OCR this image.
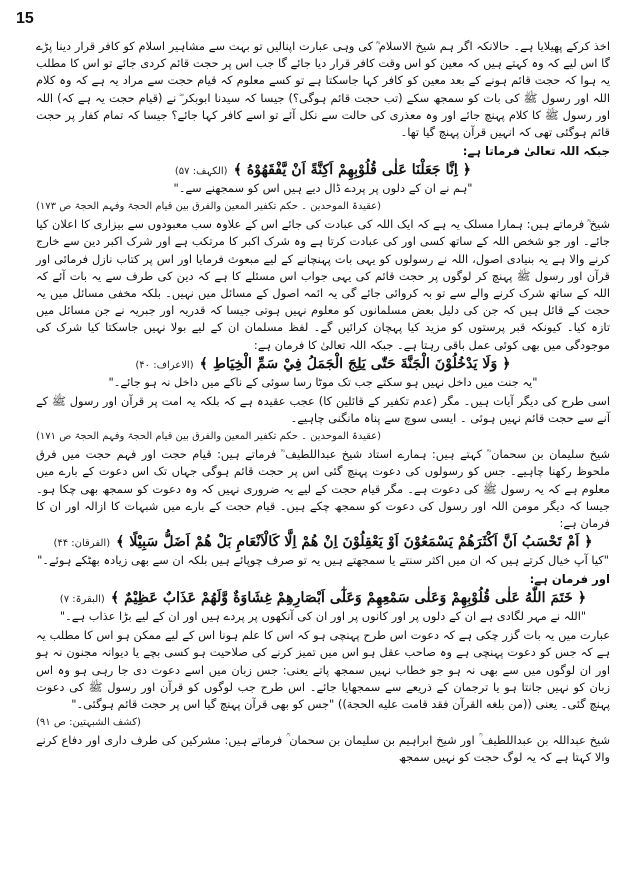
15
اخذ کرکے پھیلایا ہے۔ حالانکہ اگر ہم شیخ الاسلام ؒ کی وہی عبارت اپنالیں تو بہت سے مشاہیر اسلام کو کافر قرار دینا پڑے گا اس لیے کہ وہ کہتے ہیں کہ معین کو اس وقت کافر قرار دیا جائے گا جب اس پر حجت قائم کردی جائے تو اس کا مطلب یہ ہوا کہ حجت قائم ہونے کے بعد معین کو کافر کہا جاسکتا ہے تو کسے معلوم کہ قیام حجت سے مراد یہ ہے کہ وہ کلام اللہ اور رسول ﷺ کی بات کو سمجھ سکے (تب حجت قائم ہوگی؟) جیسا کہ سیدنا ابوبکر ؓ نے (قیام حجت یہ ہے کہ) اللہ اور رسول ﷺ کا کلام پہنچ جائے اور وہ معذری کی حالت سے نکل آئے تو اسے کافر کہا جائے؟ جیسا کہ تمام کفار پر حجت قائم ہوگئی تھی کہ انہیں قرآن پہنچ گیا تھا۔
جبکہ اللہ تعالیٰ فرماتا ہے:
﴿ اِنَّا جَعَلْنَا عَلٰى قُلُوْبِهِمْ اَكِنَّةً اَنْ يَّفْقَهُوْهُ ﴾
(الکہف: ۵۷)
"ہم نے ان کے دلوں پر پردے ڈال دیے ہیں اس کو سمجھنے سے۔"
(عقیدۃ الموحدین ۔ حکم تکفیر المعین والفرق بین قیام الحجۃ وفہم الحجۃ ص ۱۷۳)
شیخ ؒ فرماتے ہیں: ہمارا مسلک یہ ہے کہ ایک اللہ کی عبادت کی جائے اس کے علاوہ سب معبودوں سے بیزاری کا اعلان کیا جائے۔ اور جو شخص اللہ کے ساتھ کسی اور کی عبادت کرتا ہے وہ شرک اکبر کا مرتکب ہے اور شرک اکبر دین سے خارج کرنے والا ہے یہ بنیادی اصول، اللہ نے رسولوں کو یہی بات پہنچانے کے لیے مبعوث فرمایا اور اس پر کتاب نازل فرمائی اور قرآن اور رسول ﷺ پہنچ کر لوگوں پر حجت قائم کی یہی جواب اس مسئلے کا ہے کہ دین کی طرف سے یہ بات آئے کہ اللہ کے ساتھ شرک کرنے والے سے تو بہ کروائی جائے گی یہ ائمہ اصول کے مسائل میں نہیں۔ بلکہ مخفی مسائل میں یہ حجت کے قائل ہیں کہ جن کی دلیل بعض مسلمانوں کو معلوم نہیں ہوتی جیسا کہ قدریہ اور جبریہ نے جن مسائل میں تازہ کیا۔ کیونکہ قبر پرستوں کو مزید کیا پہچان کرائیں گے۔ لفظ مسلمان ان کے لیے بولا نہیں جاسکتا کیا شرک کی موجودگی میں بھی کوئی عمل باقی رہتا ہے۔ جبکہ اللہ تعالیٰ کا فرمان ہے:
﴿ وَلَا يَدْخُلُوْنَ الْجَنَّةَ حَتّٰى يَلِجَ الْجَمَلُ فِيْ سَمِّ الْخِيَاطِ ﴾
(الاعراف: ۴۰)
"یہ جنت میں داخل نہیں ہو سکتے جب تک موٹا رسا سوئی کے ناکے میں داخل نہ ہو جائے۔"
اسی طرح کی دیگر آیات ہیں۔ مگر (عدم تکفیر کے قائلین کا) عجب عقیدہ ہے کہ بلکہ یہ امت پر قرآن اور رسول ﷺ کے آنے سے حجت قائم نہیں ہوئی ۔ ایسی سوچ سے پناہ مانگنی چاہیے۔
(عقیدۃ الموحدین ۔ حکم تکفیر المعین والفرق بین قیام الحجۃ وفہم الحجۃ ص ۱۷۱)
شیخ سلیمان بن سحمان ؒ کہتے ہیں: ہمارے استاد شیخ عبداللطیف ؒ فرماتے ہیں: قیام حجت اور فہم حجت میں فرق ملحوظ رکھنا چاہیے۔ جس کو رسولوں کی دعوت پہنچ گئی اس پر حجت قائم ہوگی جہاں تک اس دعوت کے بارے میں معلوم ہے کہ یہ رسول ﷺ کی دعوت ہے۔ مگر قیام حجت کے لیے یہ ضروری نہیں کہ وہ دعوت کو سمجھ بھی چکا ہو۔ جیسا کہ دیگر مومن اللہ اور رسول کی دعوت کو سمجھ چکے ہیں۔ قیام حجت کے بارے میں شبہات کا ازالہ اور ان کا فرمان ہے:
﴿ اَمْ تَحْسَبُ اَنَّ اَكْثَرَهُمْ يَسْمَعُوْنَ اَوْ يَعْقِلُوْنَ اِنْ هُمْ اِلَّا كَالْاَنْعَامِ بَلْ هُمْ اَضَلُّ سَبِيْلًا ﴾
(الفرقان: ۴۴)
"کیا آپ خیال کرتے ہیں کہ ان میں اکثر سنتے یا سمجھتے ہیں یہ تو صرف چوپائے ہیں بلکہ ان سے بھی زیادہ بھٹکے ہوئے۔"
اور فرمان ہے:
﴿ خَتَمَ اللّٰهُ عَلٰى قُلُوْبِهِمْ وَعَلٰى سَمْعِهِمْ وَعَلٰٓى اَبْصَارِهِمْ غِشَاوَةٌ وَّلَهُمْ عَذَابٌ عَظِيْمٌ ﴾
(البقرۃ: ۷)
"اللہ نے مہر لگادی ہے ان کے دلوں پر اور کانوں پر اور ان کی آنکھوں پر پردے ہیں اور ان کے لیے بڑا عذاب ہے۔"
عبارت میں یہ بات گزر چکی ہے کہ دعوت اس طرح پہنچی ہو کہ اس کا علم ہونا اس کے لیے ممکن ہو اس کا مطلب یہ ہے کہ جس کو دعوت پہنچی ہے وہ صاحب عقل ہو اس میں تمیز کرنے کی صلاحیت ہو کسی بچے یا دیوانہ مجنون نہ ہو اور ان لوگوں میں سے بھی نہ ہو جو خطاب نہیں سمجھ پاتے یعنی: جس زبان میں اسے دعوت دی جا رہی ہو وہ اس زبان کو نہیں جانتا ہو یا ترجمان کے ذریعے سے سمجھایا جائے۔ اس طرح جب لوگوں کو قرآن اور رسول ﷺ کی دعوت پہنچ گئی۔ یعنی ((من بلغه القرآن فقد قامت عليه الحجة)) "جس کو بھی قرآن پہنچ گیا اس پر حجت قائم ہوگئی۔"
(کشف الشبہتین: ص ۹۱)
شیخ عبداللہ بن عبداللطیف ؒ اور شیخ ابراہیم بن سلیمان بن سحمان ؒ فرماتے ہیں: مشرکین کی طرف داری اور دفاع کرنے والا کہتا ہے کہ یہ لوگ حجت کو نہیں سمجھ
